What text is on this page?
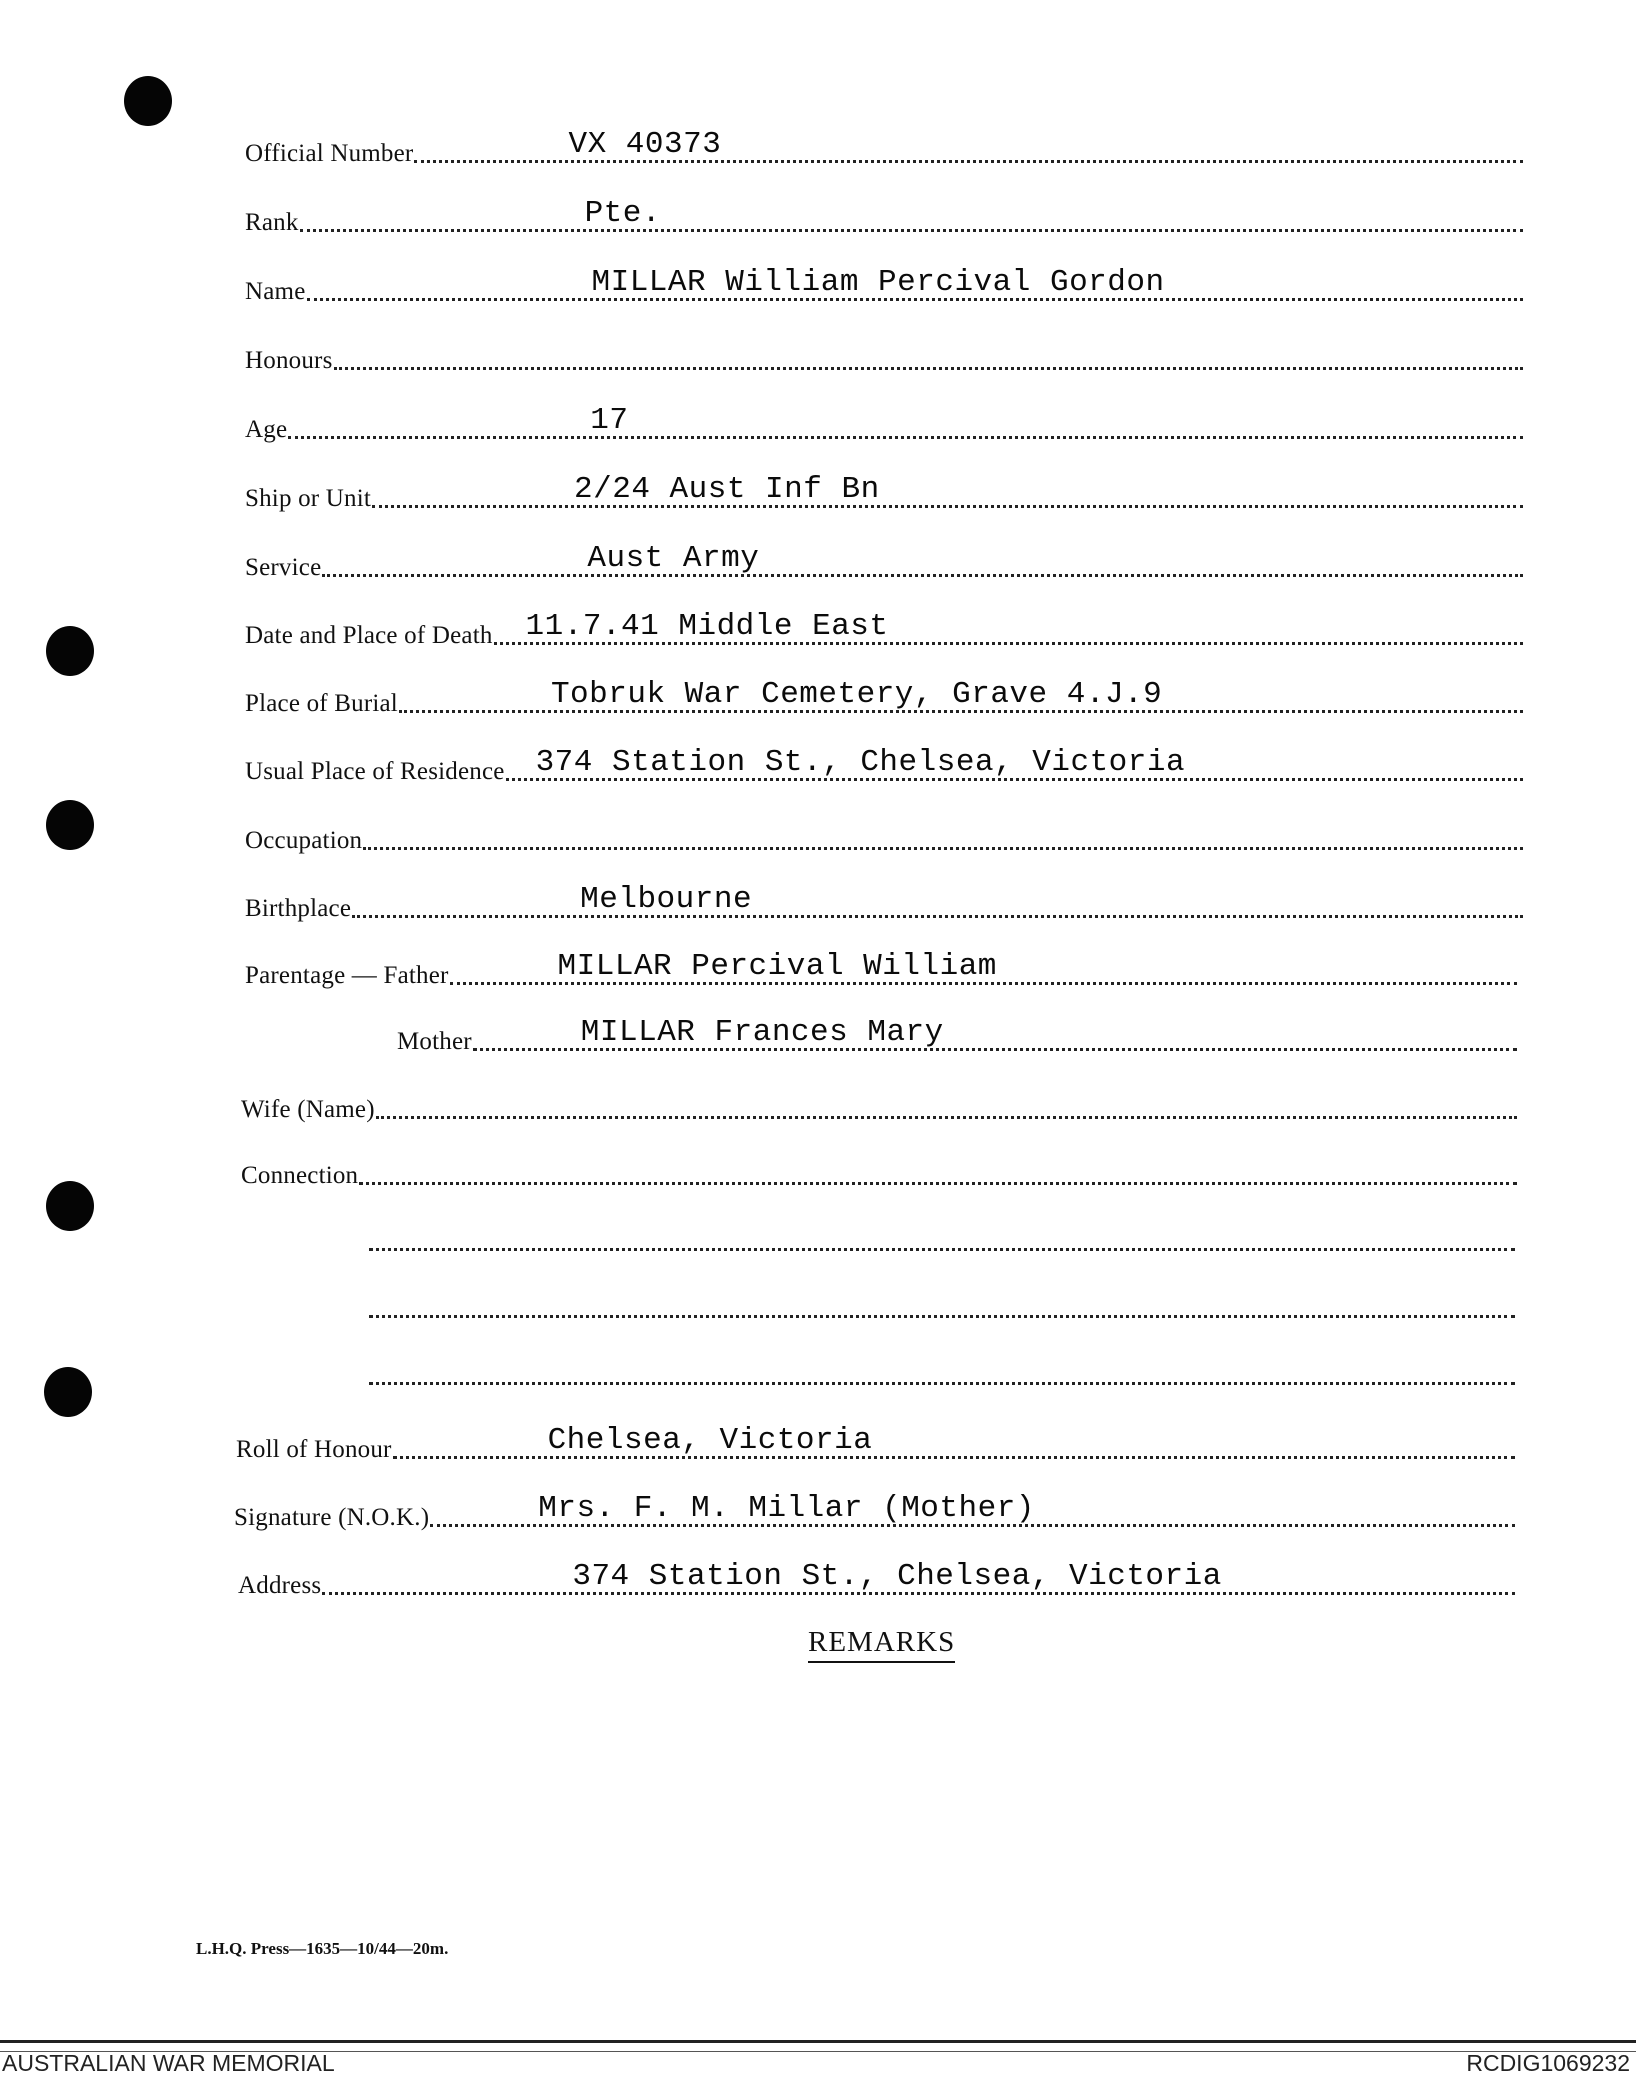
Official Number	VX 40373
Rank	Pte.
Name	MILLAR William Percival Gordon
Honours
Age	17
Ship or Unit	2/24 Aust Inf Bn
Service	Aust Army
Date and Place of Death 11.7.41 Middle East
Place of Burial	Tobruk War Cemetery, Grave 4.J.9
Usual Place of Residence 374 Station St., Chelsea, Victoria
Occupation
Birthplace	Melbourne
Parentage — Father	MILLAR Percival William
Mother	MILLAR Frances Mary
Wife (Name)
Connection
Roll of Honour	Chelsea, Victoria
Signature (N.O.K.)	Mrs. F. M. Millar (Mother)
Address	374 Station St., Chelsea, Victoria
REMARKS
L.H.Q. Press—1635—10/44—20m.
AUSTRALIAN WAR MEMORIAL	RCDIG1069232
